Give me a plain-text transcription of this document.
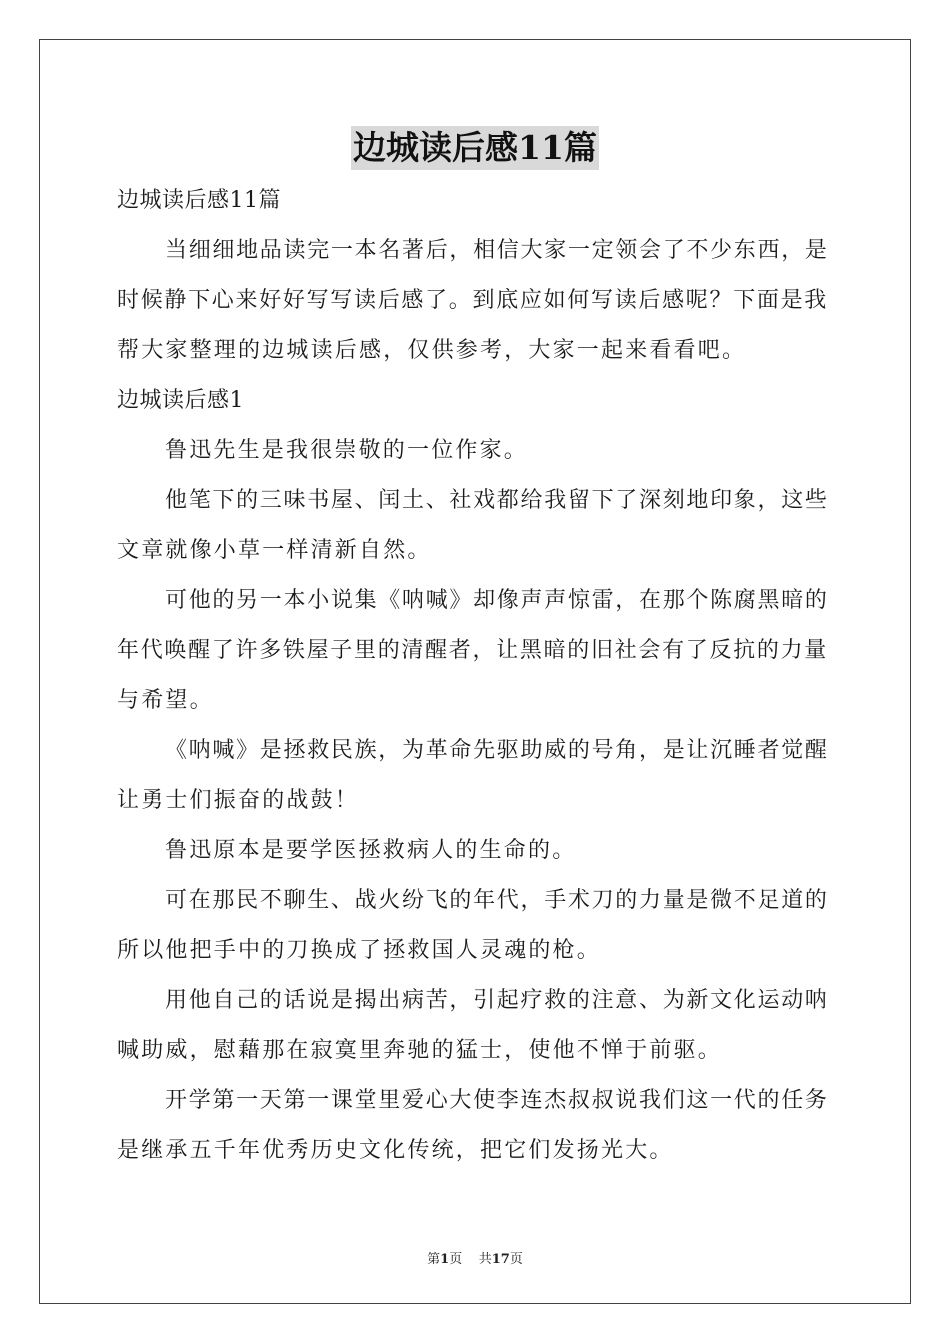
边城读后感11篇
边城读后感11篇
当细细地品读完一本名著后，相信大家一定领会了不少东西，是
时候静下心来好好写写读后感了。到底应如何写读后感呢？下面是我
帮大家整理的边城读后感，仅供参考，大家一起来看看吧。
边城读后感1
鲁迅先生是我很崇敬的一位作家。
他笔下的三味书屋、闰土、社戏都给我留下了深刻地印象，这些
文章就像小草一样清新自然。
可他的另一本小说集《呐喊》却像声声惊雷，在那个陈腐黑暗的
年代唤醒了许多铁屋子里的清醒者，让黑暗的旧社会有了反抗的力量
与希望。
《呐喊》是拯救民族，为革命先驱助威的号角，是让沉睡者觉醒
让勇士们振奋的战鼓！
鲁迅原本是要学医拯救病人的生命的。
可在那民不聊生、战火纷飞的年代，手术刀的力量是微不足道的
所以他把手中的刀换成了拯救国人灵魂的枪。
用他自己的话说是揭出病苦，引起疗救的注意、为新文化运动呐
喊助威，慰藉那在寂寞里奔驰的猛士，使他不惮于前驱。
开学第一天第一课堂里爱心大使李连杰叔叔说我们这一代的任务
是继承五千年优秀历史文化传统，把它们发扬光大。
第1页 共17页
